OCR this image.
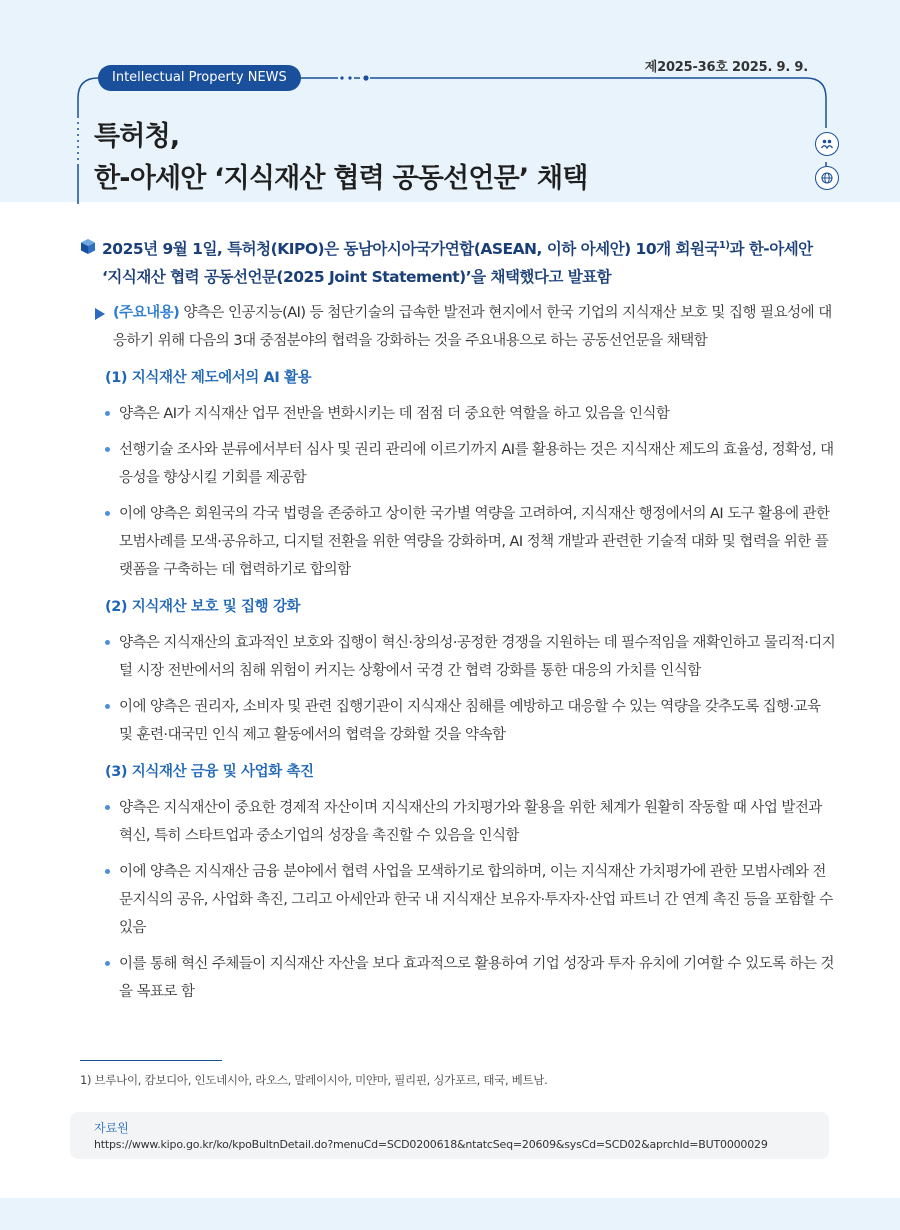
제2025-36호 2025. 9. 9.
Intellectual Property NEWS
특허청,
한-아세안 ‘지식재산 협력 공동선언문’ 채택
2025년 9월 1일, 특허청(KIPO)은 동남아시아국가연합(ASEAN, 이하 아세안) 10개 회원국$^{1)}$과 한-아세안 ‘지식재산 협력 공동선언문(2025 Joint Statement)’을 채택했다고 발표함
(주요내용) 양측은 인공지능(AI) 등 첨단기술의 급속한 발전과 현지에서 한국 기업의 지식재산 보호 및 집행 필요성에 대응하기 위해 다음의 3대 중점분야의 협력을 강화하는 것을 주요내용으로 하는 공동선언문을 채택함
(1) 지식재산 제도에서의 AI 활용
양측은 AI가 지식재산 업무 전반을 변화시키는 데 점점 더 중요한 역할을 하고 있음을 인식함
선행기술 조사와 분류에서부터 심사 및 권리 관리에 이르기까지 AI를 활용하는 것은 지식재산 제도의 효율성, 정확성, 대응성을 향상시킬 기회를 제공함
이에 양측은 회원국의 각국 법령을 존중하고 상이한 국가별 역량을 고려하여, 지식재산 행정에서의 AI 도구 활용에 관한 모범사례를 모색·공유하고, 디지털 전환을 위한 역량을 강화하며, AI 정책 개발과 관련한 기술적 대화 및 협력을 위한 플랫폼을 구축하는 데 협력하기로 합의함
(2) 지식재산 보호 및 집행 강화
양측은 지식재산의 효과적인 보호와 집행이 혁신·창의성·공정한 경쟁을 지원하는 데 필수적임을 재확인하고 물리적·디지털 시장 전반에서의 침해 위험이 커지는 상황에서 국경 간 협력 강화를 통한 대응의 가치를 인식함
이에 양측은 권리자, 소비자 및 관련 집행기관이 지식재산 침해를 예방하고 대응할 수 있는 역량을 갖추도록 집행·교육 및 훈련·대국민 인식 제고 활동에서의 협력을 강화할 것을 약속함
(3) 지식재산 금융 및 사업화 촉진
양측은 지식재산이 중요한 경제적 자산이며 지식재산의 가치평가와 활용을 위한 체계가 원활히 작동할 때 사업 발전과 혁신, 특히 스타트업과 중소기업의 성장을 촉진할 수 있음을 인식함
이에 양측은 지식재산 금융 분야에서 협력 사업을 모색하기로 합의하며, 이는 지식재산 가치평가에 관한 모범사례와 전문지식의 공유, 사업화 촉진, 그리고 아세안과 한국 내 지식재산 보유자·투자자·산업 파트너 간 연계 촉진 등을 포함할 수 있음
이를 통해 혁신 주체들이 지식재산 자산을 보다 효과적으로 활용하여 기업 성장과 투자 유치에 기여할 수 있도록 하는 것을 목표로 함
1) 브루나이, 캄보디아, 인도네시아, 라오스, 말레이시아, 미얀마, 필리핀, 싱가포르, 태국, 베트남.
자료원
https://www.kipo.go.kr/ko/kpoBultnDetail.do?menuCd=SCD0200618&ntatcSeq=20609&sysCd=SCD02&aprchId=BUT0000029
